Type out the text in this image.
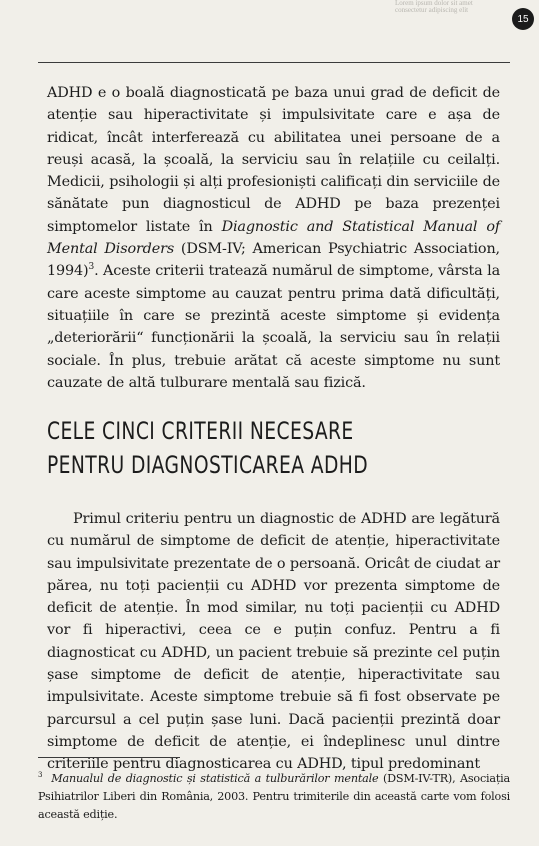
Lorem ipsum dolor sit amet consectetur adipiscing elit
15

ADHD e o boală diagnosticată pe baza unui grad de deficit de atenție sau hiperactivitate și impulsivitate care e așa de ridicat, încât interferează cu abilitatea unei persoane de a reuși acasă, la școală, la serviciu sau în relațiile cu ceilalți. Medicii, psihologii și alți profesioniști calificați din serviciile de sănătate pun diagnosticul de ADHD pe baza prezenței simptomelor listate în Diagnostic and Statistical Manual of Mental Disorders (DSM-IV; American Psychiatric Association, 1994)$^3$. Aceste criterii tratează numărul de simptome, vârsta la care aceste simptome au cauzat pentru prima dată dificultăți, situațiile în care se prezintă aceste simptome și evidența „deteriorării“ funcționării la școală, la serviciu sau în relații sociale. În plus, trebuie arătat că aceste simptome nu sunt cauzate de altă tulburare mentală sau fizică.

CELE CINCI CRITERII NECESARE
PENTRU DIAGNOSTICAREA ADHD

Primul criteriu pentru un diagnostic de ADHD are legătură cu numărul de simptome de deficit de atenție, hiperactivitate sau impulsivitate prezentate de o persoană. Oricât de ciudat ar părea, nu toți pacienții cu ADHD vor prezenta simptome de deficit de atenție. În mod similar, nu toți pacienții cu ADHD vor fi hiperactivi, ceea ce e puțin confuz. Pentru a fi diagnosticat cu ADHD, un pacient trebuie să prezinte cel puțin șase simptome de deficit de atenție, hiperactivitate sau impulsivitate. Aceste simptome trebuie să fi fost observate pe parcursul a cel puțin șase luni. Dacă pacienții prezintă doar simptome de deficit de atenție, ei îndeplinesc unul dintre criteriile pentru diagnosticarea cu ADHD, tipul predominant

$^3$ Manualul de diagnostic și statistică a tulburărilor mentale (DSM-IV-TR), Asociația Psihiatrilor Liberi din România, 2003. Pentru trimiterile din această carte vom folosi această ediție.
